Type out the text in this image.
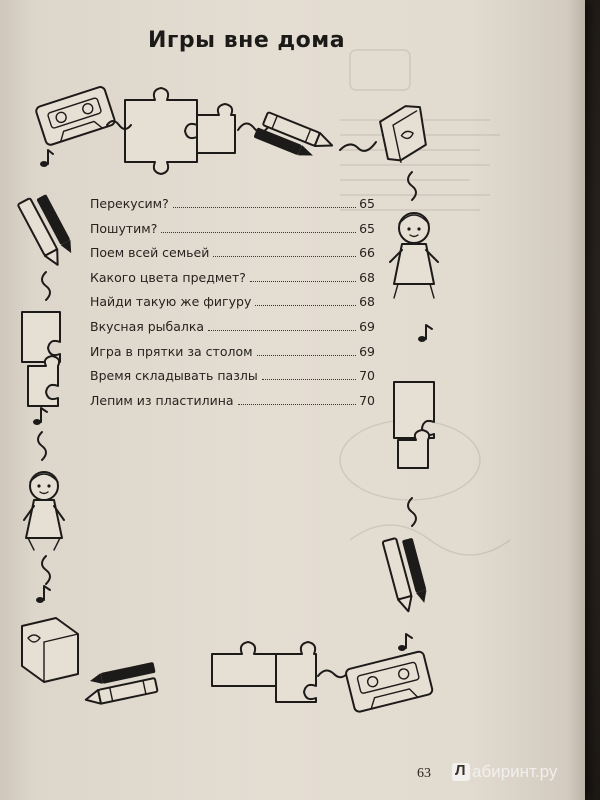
Игры вне дома
Перекусим?	65
Пошутим?	65
Поем всей семьей	66
Какого цвета предмет?	68
Найди такую же фигуру	68
Вкусная рыбалка	69
Игра в прятки за столом	69
Время складывать пазлы	70
Лепим из пластилина	70
63 Л абиринт.ру
